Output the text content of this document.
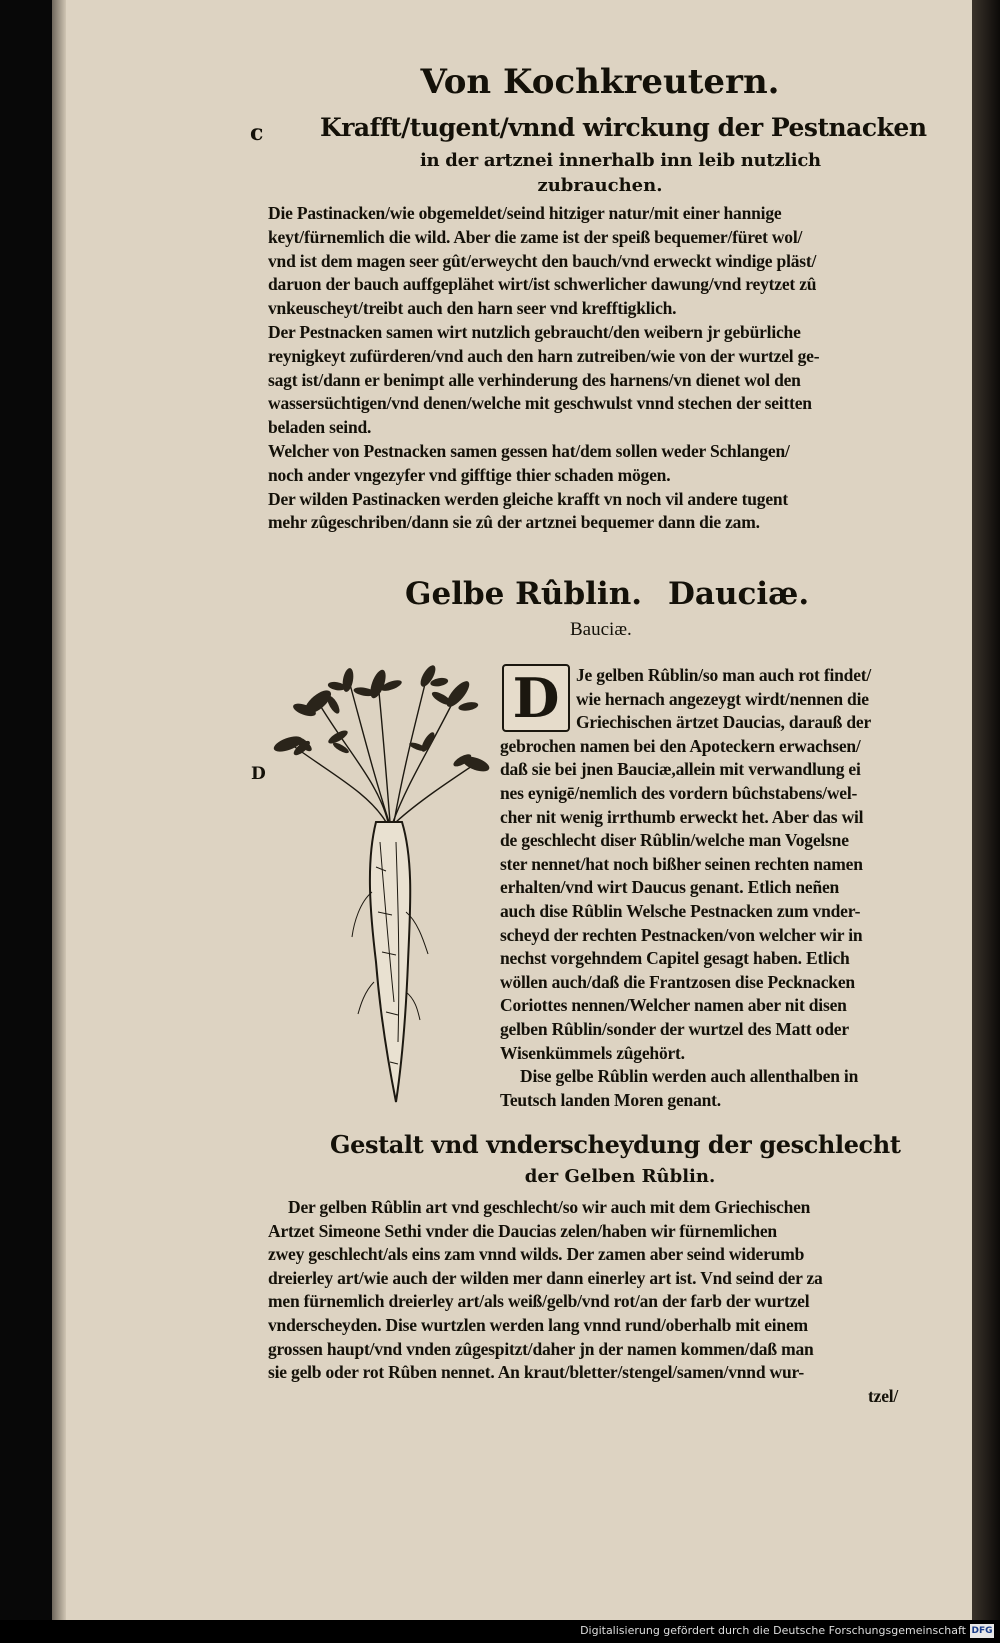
Von Kochkreutern.
c Krafft/tugent/vnnd wirckung der Pestnacken
in der artznei innerhalb inn leib nutzlich
zubrauchen.
Die Pastinacken/wie obgemeldet/seind hitziger natur/mit einer hannige
keyt/fürnemlich die wild. Aber die zame ist der speiß bequemer/füret wol/
vnd ist dem magen seer gût/erweycht den bauch/vnd erweckt windige pläst/
daruon der bauch auffgeplähet wirt/ist schwerlicher dawung/vnd reytzet zû
vnkeuscheyt/treibt auch den harn seer vnd krefftigklich.
Der Pestnacken samen wirt nutzlich gebraucht/den weibern jr gebürliche
reynigkeyt zufürderen/vnd auch den harn zutreiben/wie von der wurtzel ge-
sagt ist/dann er benimpt alle verhinderung des harnens/vn dienet wol den
wassersüchtigen/vnd denen/welche mit geschwulst vnnd stechen der seitten
beladen seind.
Welcher von Pestnacken samen gessen hat/dem sollen weder Schlangen/
noch ander vngezyfer vnd gifftige thier schaden mögen.
Der wilden Pastinacken werden gleiche krafft vn noch vil andere tugent
mehr zûgeschriben/dann sie zû der artznei bequemer dann die zam.
Gelbe Rûblin. Dauciæ.
Bauciæ.
D
D Je gelben Rûblin/so man auch rot findet/
wie hernach angezeygt wirdt/nennen die
Griechischen ärtzet Daucias, darauß der
gebrochen namen bei den Apoteckern erwachsen/
daß sie bei jnen Bauciæ,allein mit verwandlung ei
nes eynigē/nemlich des vordern bûchstabens/wel-
cher nit wenig irrthumb erweckt het. Aber das wil
de geschlecht diser Rûblin/welche man Vogelsne
ster nennet/hat noch bißher seinen rechten namen
erhalten/vnd wirt Daucus genant. Etlich neñen
auch dise Rûblin Welsche Pestnacken zum vnder-
scheyd der rechten Pestnacken/von welcher wir in
nechst vorgehndem Capitel gesagt haben. Etlich
wöllen auch/daß die Frantzosen dise Pecknacken
Coriottes nennen/Welcher namen aber nit disen
gelben Rûblin/sonder der wurtzel des Matt oder
Wisenkümmels zûgehört.
Dise gelbe Rûblin werden auch allenthalben in
Teutsch landen Moren genant.
Gestalt vnd vnderscheydung der geschlecht
der Gelben Rûblin.
Der gelben Rûblin art vnd geschlecht/so wir auch mit dem Griechischen
Artzet Simeone Sethi vnder die Daucias zelen/haben wir fürnemlichen
zwey geschlecht/als eins zam vnnd wilds. Der zamen aber seind widerumb
dreierley art/wie auch der wilden mer dann einerley art ist. Vnd seind der za
men fürnemlich dreierley art/als weiß/gelb/vnd rot/an der farb der wurtzel
vnderscheyden. Dise wurtzlen werden lang vnnd rund/oberhalb mit einem
grossen haupt/vnd vnden zûgespitzt/daher jn der namen kommen/daß man
sie gelb oder rot Rûben nennet. An kraut/bletter/stengel/samen/vnnd wur-
tzel/
Digitalisierung gefördert durch die Deutsche Forschungsgemeinschaft DFG
